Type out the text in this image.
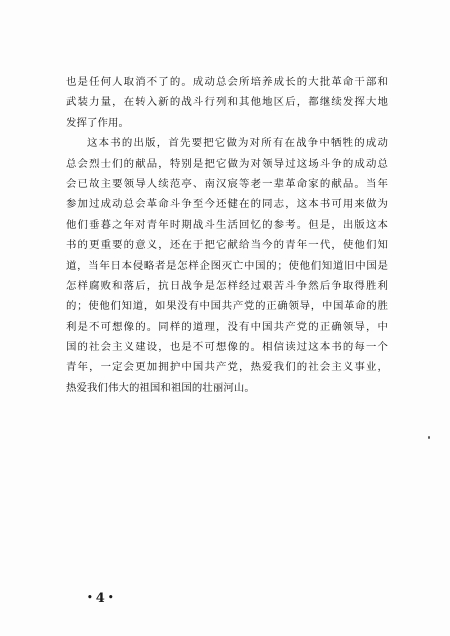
也是任何人取消不了的。成动总会所培养成长的大批革命干部和
武装力量，在转入新的战斗行列和其他地区后，都继续发挥大地
发挥了作用。
这本书的出版，首先要把它做为对所有在战争中牺牲的成动
总会烈士们的献品，特别是把它做为对领导过这场斗争的成动总
会已故主要领导人续范亭、南汉宸等老一辈革命家的献品。当年
参加过成动总会革命斗争至今还健在的同志，这本书可用来做为
他们垂暮之年对青年时期战斗生活回忆的参考。但是，出版这本
书的更重要的意义，还在于把它献给当今的青年一代，使他们知
道，当年日本侵略者是怎样企图灭亡中国的；使他们知道旧中国是
怎样腐败和落后，抗日战争是怎样经过艰苦斗争然后争取得胜利
的；使他们知道，如果没有中国共产党的正确领导，中国革命的胜
利是不可想像的。同样的道理，没有中国共产党的正确领导，中
国的社会主义建设，也是不可想像的。相信读过这本书的每一个
青年，一定会更加拥护中国共产党，热爱我们的社会主义事业，
热爱我们伟大的祖国和祖国的壮丽河山。
• 4 •
